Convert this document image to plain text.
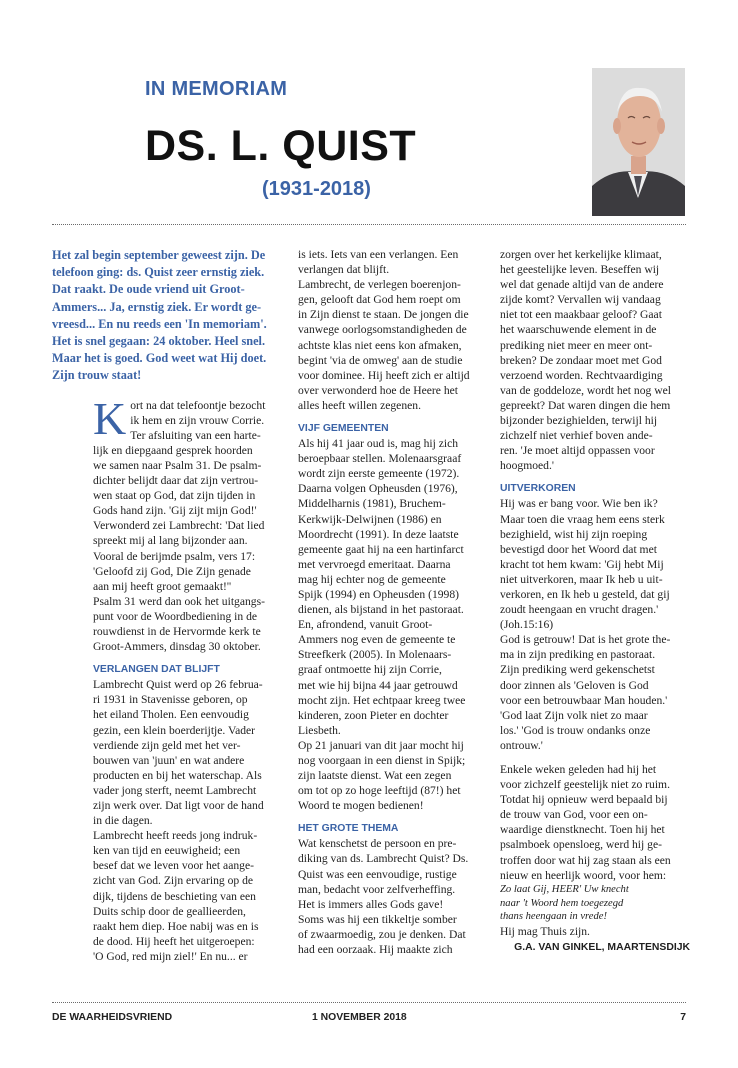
IN MEMORIAM
DS. L. QUIST
(1931-2018)

Het zal begin september geweest zijn. De
telefoon ging: ds. Quist zeer ernstig ziek.
Dat raakt. De oude vriend uit Groot-
Ammers... Ja, ernstig ziek. Er wordt ge-
vreesd... En nu reeds een 'In memoriam'.
Het is snel gegaan: 24 oktober. Heel snel.
Maar het is goed. God weet wat Hij doet.
Zijn trouw staat!

K ort na dat telefoontje bezocht
ik hem en zijn vrouw Corrie.
Ter afsluiting van een harte-
lijk en diepgaand gesprek hoorden
we samen naar Psalm 31. De psalm-
dichter belijdt daar dat zijn vertrou-
wen staat op God, dat zijn tijden in
Gods hand zijn. 'Gij zijt mijn God!'
Verwonderd zei Lambrecht: 'Dat lied
spreekt mij al lang bijzonder aan.
Vooral de berijmde psalm, vers 17:
'Geloofd zij God, Die Zijn genade
aan mij heeft groot gemaakt!''
Psalm 31 werd dan ook het uitgangs-
punt voor de Woordbediening in de
rouwdienst in de Hervormde kerk te
Groot-Ammers, dinsdag 30 oktober.

VERLANGEN DAT BLIJFT

Lambrecht Quist werd op 26 februa-
ri 1931 in Stavenisse geboren, op
het eiland Tholen. Een eenvoudig
gezin, een klein boerderijtje. Vader
verdiende zijn geld met het ver-
bouwen van 'juun' en wat andere
producten en bij het waterschap. Als
vader jong sterft, neemt Lambrecht
zijn werk over. Dat ligt voor de hand
in die dagen.
Lambrecht heeft reeds jong indruk-
ken van tijd en eeuwigheid; een
besef dat we leven voor het aange-
zicht van God. Zijn ervaring op de
dijk, tijdens de beschieting van een
Duits schip door de geallieerden,
raakt hem diep. Hoe nabij was en is
de dood. Hij heeft het uitgeroepen:
'O God, red mijn ziel!' En nu... er

is iets. Iets van een verlangen. Een
verlangen dat blijft.
Lambrecht, de verlegen boerenjon-
gen, gelooft dat God hem roept om
in Zijn dienst te staan. De jongen die
vanwege oorlogsomstandigheden de
achtste klas niet eens kon afmaken,
begint 'via de omweg' aan de studie
voor dominee. Hij heeft zich er altijd
over verwonderd hoe de Heere het
alles heeft willen zegenen.

VIJF GEMEENTEN

Als hij 41 jaar oud is, mag hij zich
beroepbaar stellen. Molenaarsgraaf
wordt zijn eerste gemeente (1972).
Daarna volgen Opheusden (1976),
Middelharnis (1981), Bruchem-
Kerkwijk-Delwijnen (1986) en
Moordrecht (1991). In deze laatste
gemeente gaat hij na een hartinfarct
met vervroegd emeritaat. Daarna
mag hij echter nog de gemeente
Spijk (1994) en Opheusden (1998)
dienen, als bijstand in het pastoraat.
En, afrondend, vanuit Groot-
Ammers nog even de gemeente te
Streefkerk (2005). In Molenaars-
graaf ontmoette hij zijn Corrie,
met wie hij bijna 44 jaar getrouwd
mocht zijn. Het echtpaar kreeg twee
kinderen, zoon Pieter en dochter
Liesbeth.
Op 21 januari van dit jaar mocht hij
nog voorgaan in een dienst in Spijk;
zijn laatste dienst. Wat een zegen
om tot op zo hoge leeftijd (87!) het
Woord te mogen bedienen!

HET GROTE THEMA

Wat kenschetst de persoon en pre-
diking van ds. Lambrecht Quist? Ds.
Quist was een eenvoudige, rustige
man, bedacht voor zelfverheffing.
Het is immers alles Gods gave!
Soms was hij een tikkeltje somber
of zwaarmoedig, zou je denken. Dat
had een oorzaak. Hij maakte zich

zorgen over het kerkelijke klimaat,
het geestelijke leven. Beseffen wij
wel dat genade altijd van de andere
zijde komt? Vervallen wij vandaag
niet tot een maakbaar geloof? Gaat
het waarschuwende element in de
prediking niet meer en meer ont-
breken? De zondaar moet met God
verzoend worden. Rechtvaardiging
van de goddeloze, wordt het nog wel
gepreekt? Dat waren dingen die hem
bijzonder bezighielden, terwijl hij
zichzelf niet verhief boven ande-
ren. 'Je moet altijd oppassen voor
hoogmoed.'

UITVERKOREN

Hij was er bang voor. Wie ben ik?
Maar toen die vraag hem eens sterk
bezighield, wist hij zijn roeping
bevestigd door het Woord dat met
kracht tot hem kwam: 'Gij hebt Mij
niet uitverkoren, maar Ik heb u uit-
verkoren, en Ik heb u gesteld, dat gij
zoudt heengaan en vrucht dragen.'
(Joh.15:16)
God is getrouw! Dat is het grote the-
ma in zijn prediking en pastoraat.
Zijn prediking werd gekenschetst
door zinnen als 'Geloven is God
voor een betrouwbaar Man houden.'
'God laat Zijn volk niet zo maar
los.' 'God is trouw ondanks onze
ontrouw.'

Enkele weken geleden had hij het
voor zichzelf geestelijk niet zo ruim.
Totdat hij opnieuw werd bepaald bij
de trouw van God, voor een on-
waardige dienstknecht. Toen hij het
psalmboek opensloeg, werd hij ge-
troffen door wat hij zag staan als een
nieuw en heerlijk woord, voor hem:

Zo laat Gij, HEER' Uw knecht
naar 't Woord hem toegezegd
thans heengaan in vrede!

Hij mag Thuis zijn.

G.A. VAN GINKEL, MAARTENSDIJK
DE WAARHEIDSVRIEND	1 NOVEMBER 2018	7
